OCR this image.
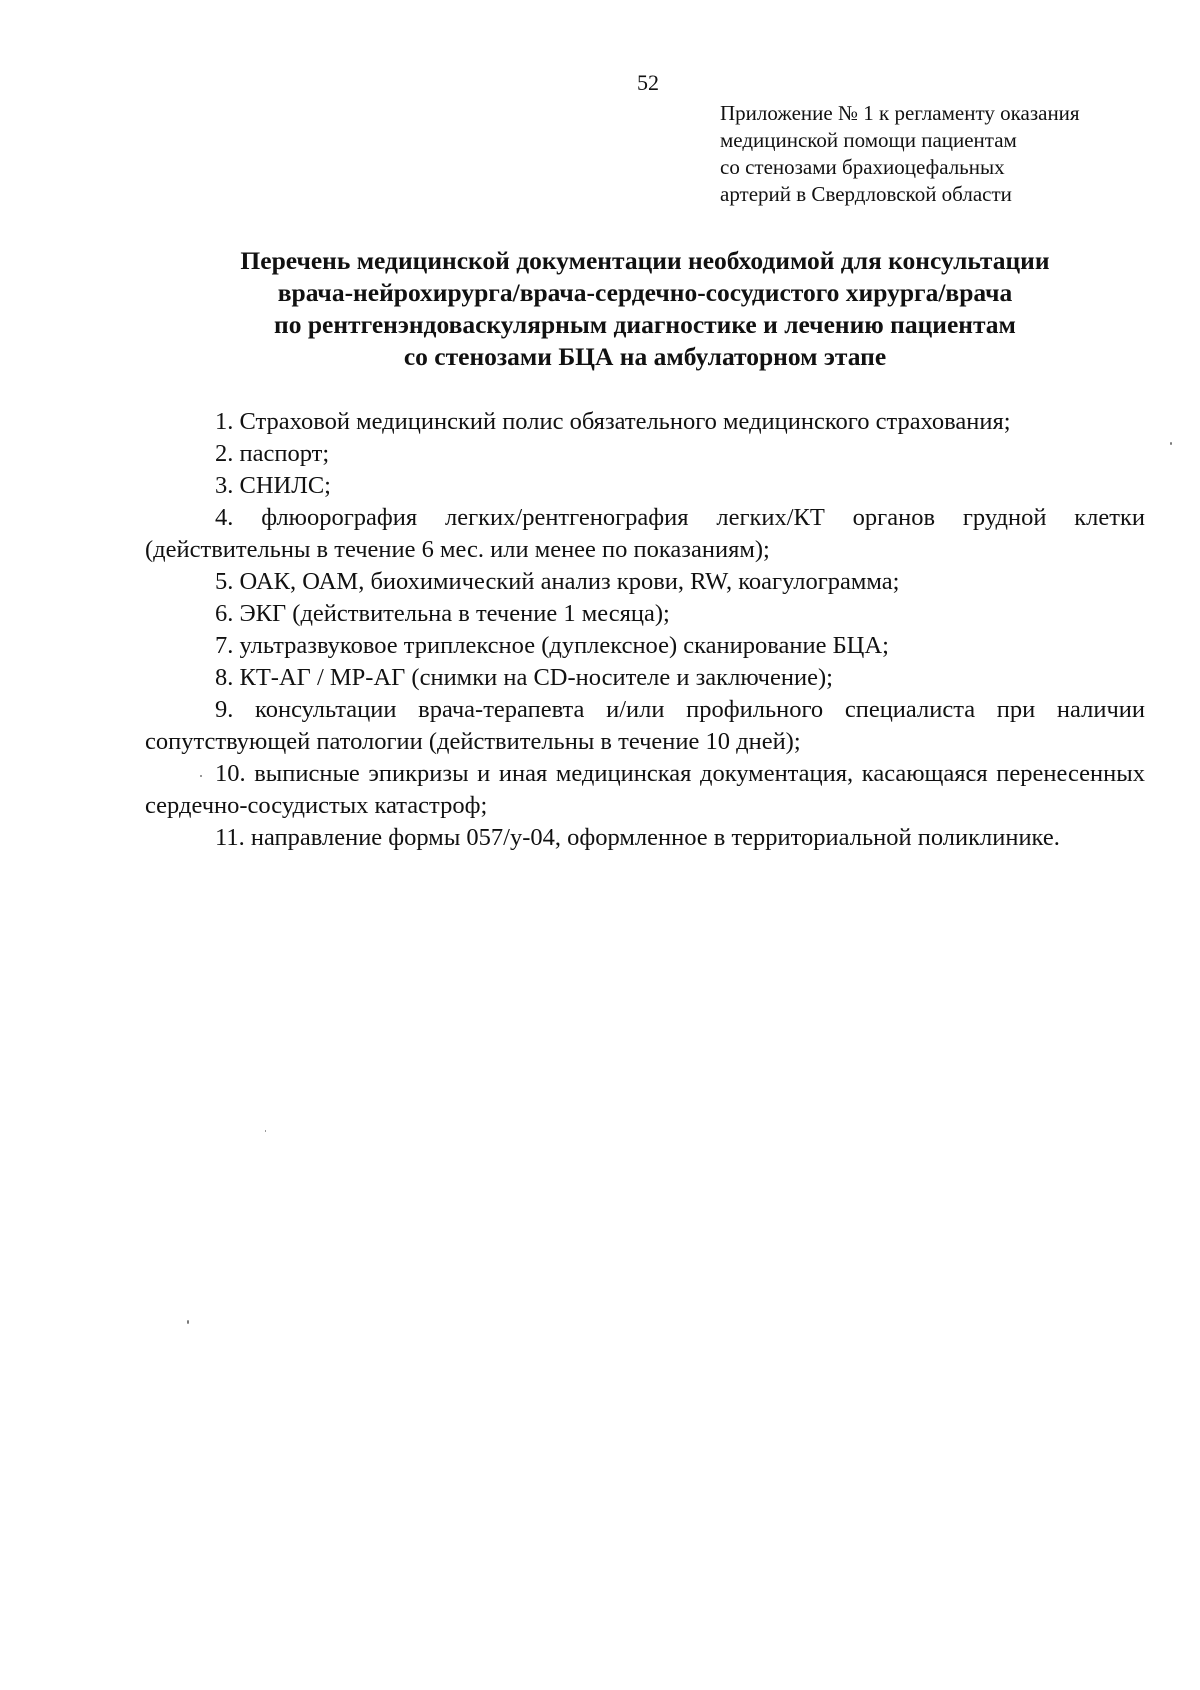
52
Приложение № 1 к регламенту оказания
медицинской помощи пациентам
со стенозами брахиоцефальных
артерий в Свердловской области
Перечень медицинской документации необходимой для консультации
врача-нейрохирурга/врача-сердечно-сосудистого хирурга/врача
по рентгенэндоваскулярным диагностике и лечению пациентам
со стенозами БЦА на амбулаторном этапе

1. Страховой медицинский полис обязательного медицинского страхования;

2. паспорт;

3. СНИЛС;

4. флюорография легких/рентгенография легких/КТ органов грудной клетки (действительны в течение 6 мес. или менее по показаниям);

5. ОАК, ОАМ, биохимический анализ крови, RW, коагулограмма;

6. ЭКГ (действительна в течение 1 месяца);

7. ультразвуковое триплексное (дуплексное) сканирование БЦА;

8. КТ-АГ / МР-АГ (снимки на CD-носителе и заключение);

9. консультации врача-терапевта и/или профильного специалиста при наличии сопутствующей патологии (действительны в течение 10 дней);

10. выписные эпикризы и иная медицинская документация, касающаяся перенесенных сердечно-сосудистых катастроф;

11. направление формы 057/у-04, оформленное в территориальной поликлинике.
